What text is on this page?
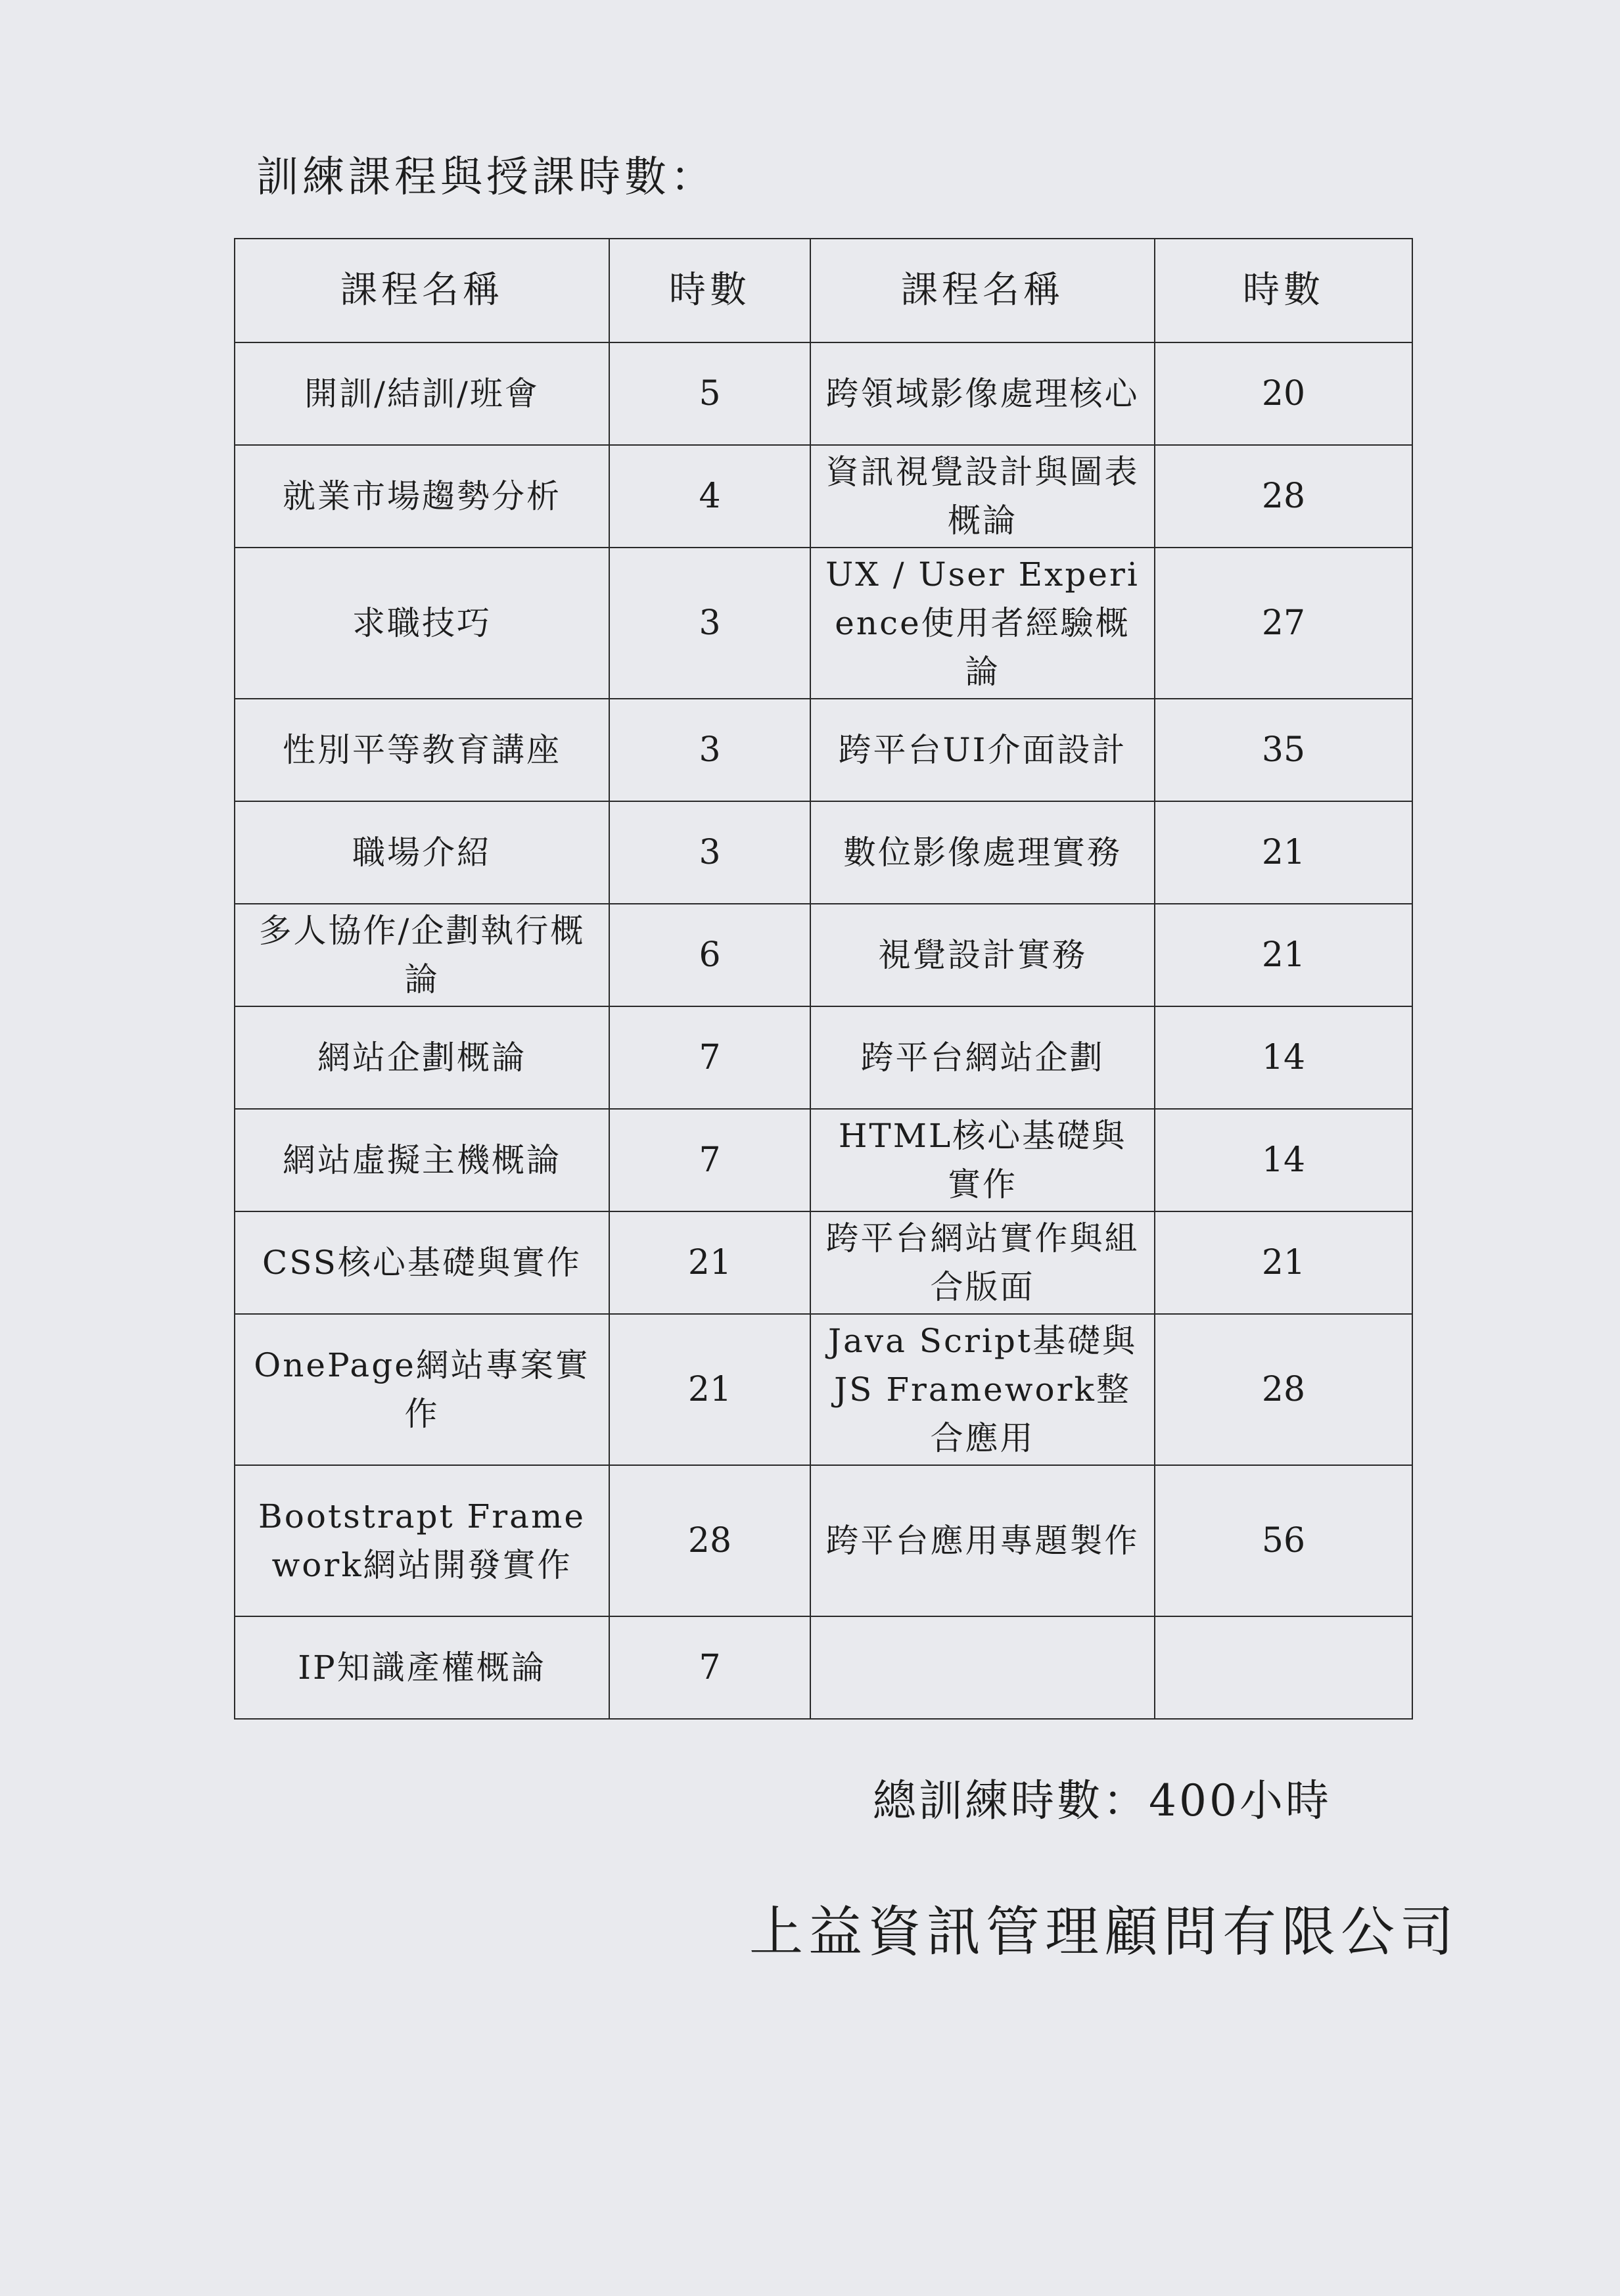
訓練課程與授課時數：
課程名稱	時數	課程名稱	時數
開訓/結訓/班會	5	跨領域影像處理核心	20
就業市場趨勢分析	4	資訊視覺設計與圖表概論	28
求職技巧	3	UX / User Experience使用者經驗概論	27
性別平等教育講座	3	跨平台UI介面設計	35
職場介紹	3	數位影像處理實務	21
多人協作/企劃執行概論	6	視覺設計實務	21
網站企劃概論	7	跨平台網站企劃	14
網站虛擬主機概論	7	HTML核心基礎與實作	14
CSS核心基礎與實作	21	跨平台網站實作與組合版面	21
OnePage網站專案實作	21	Java Script基礎與JS Framework整合應用	28
Bootstrapt Framework網站開發實作	28	跨平台應用專題製作	56
IP知識產權概論	7		
總訓練時數：400小時
上益資訊管理顧問有限公司
